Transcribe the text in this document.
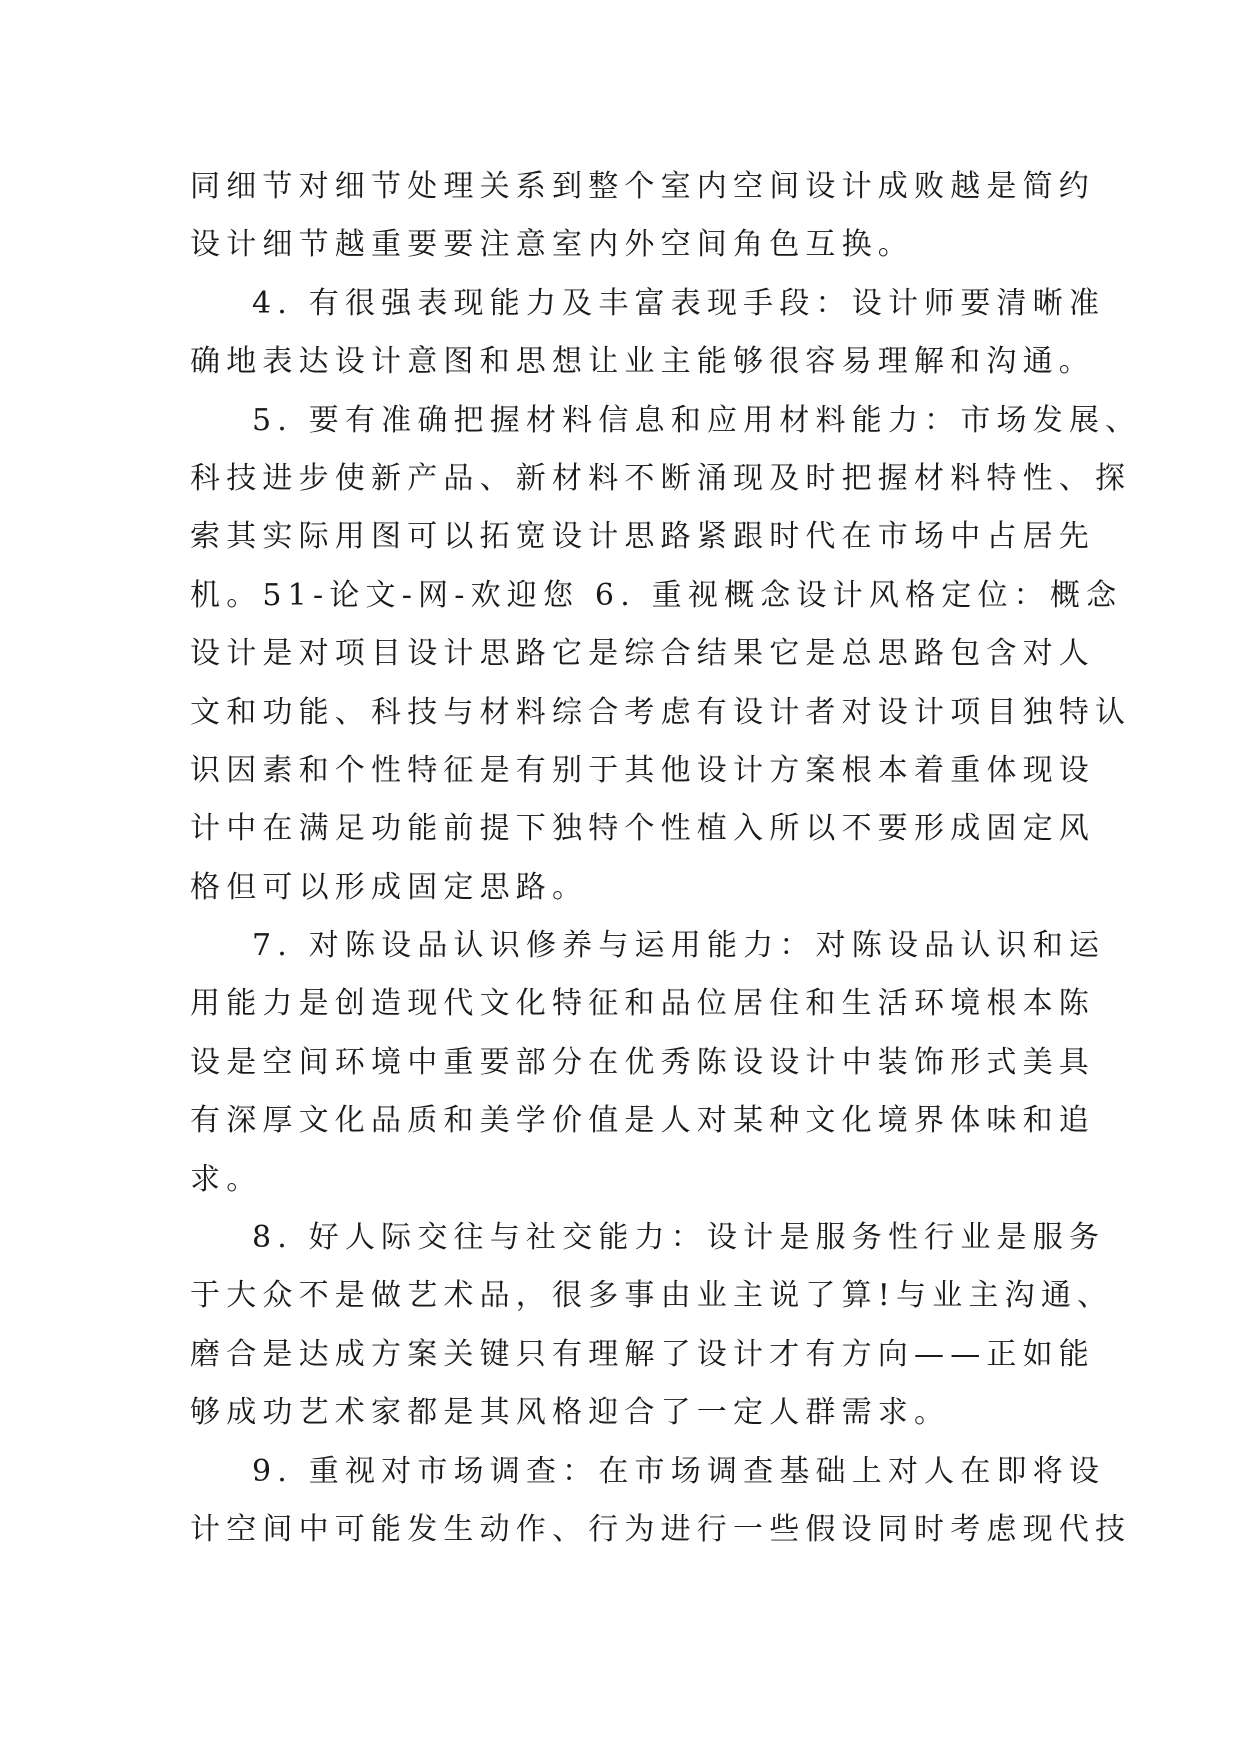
同细节对细节处理关系到整个室内空间设计成败越是简约
设计细节越重要要注意室内外空间角色互换。
4. 有很强表现能力及丰富表现手段：设计师要清晰准
确地表达设计意图和思想让业主能够很容易理解和沟通。
5. 要有准确把握材料信息和应用材料能力：市场发展、
科技进步使新产品、新材料不断涌现及时把握材料特性、探
索其实际用图可以拓宽设计思路紧跟时代在市场中占居先
机。51-论文-网-欢迎您 6. 重视概念设计风格定位：概念
设计是对项目设计思路它是综合结果它是总思路包含对人
文和功能、科技与材料综合考虑有设计者对设计项目独特认
识因素和个性特征是有别于其他设计方案根本着重体现设
计中在满足功能前提下独特个性植入所以不要形成固定风
格但可以形成固定思路。
7. 对陈设品认识修养与运用能力：对陈设品认识和运
用能力是创造现代文化特征和品位居住和生活环境根本陈
设是空间环境中重要部分在优秀陈设设计中装饰形式美具
有深厚文化品质和美学价值是人对某种文化境界体味和追
求。
8. 好人际交往与社交能力：设计是服务性行业是服务
于大众不是做艺术品，很多事由业主说了算!与业主沟通、
磨合是达成方案关键只有理解了设计才有方向——正如能
够成功艺术家都是其风格迎合了一定人群需求。
9. 重视对市场调查：在市场调查基础上对人在即将设
计空间中可能发生动作、行为进行一些假设同时考虑现代技
